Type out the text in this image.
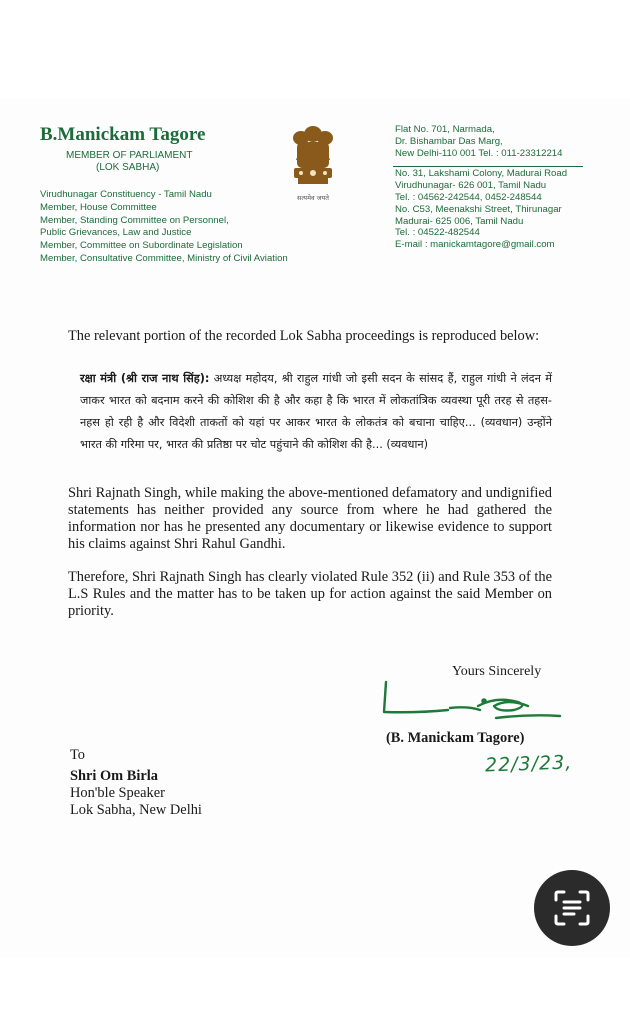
B.Manickam Tagore
MEMBER OF PARLIAMENT
(LOK SABHA)
Virudhunagar Constituency - Tamil Nadu
Member, House Committee
Member, Standing Committee on Personnel,
Public Grievances, Law and Justice
Member, Committee on Subordinate Legislation
Member, Consultative Committee, Ministry of Civil Aviation
सत्यमेव जयते
Flat No. 701, Narmada,
Dr. Bishambar Das Marg,
New Delhi-110 001 Tel. : 011-23312214
No. 31, Lakshami Colony, Madurai Road
Virudhunagar- 626 001, Tamil Nadu
Tel. : 04562-242544, 0452-248544
No. C53, Meenakshi Street, Thirunagar
Madurai- 625 006, Tamil Nadu
Tel. : 04522-482544
E-mail : manickamtagore@gmail.com
The relevant portion of the recorded Lok Sabha proceedings is reproduced below:
रक्षा मंत्री (श्री राज नाथ सिंह): अध्यक्ष महोदय, श्री राहुल गांधी जो इसी सदन के सांसद हैं, राहुल गांधी ने लंदन में जाकर भारत को बदनाम करने की कोशिश की है और कहा है कि भारत में लोकतांत्रिक व्यवस्था पूरी तरह से तहस-नहस हो रही है और विदेशी ताकतों को यहां पर आकर भारत के लोकतंत्र को बचाना चाहिए... (व्यवधान) उन्होंने भारत की गरिमा पर, भारत की प्रतिष्ठा पर चोट पहुंचाने की कोशिश की है... (व्यवधान)
Shri Rajnath Singh, while making the above-mentioned defamatory and undignified statements has neither provided any source from where he had gathered the information nor has he presented any documentary or likewise evidence to support his claims against Shri Rahul Gandhi.
Therefore, Shri Rajnath Singh has clearly violated Rule 352 (ii) and Rule 353 of the L.S Rules and the matter has to be taken up for action against the said Member on priority.
Yours Sincerely
(B. Manickam Tagore)
22/3/23,
To
Shri Om Birla
Hon'ble Speaker
Lok Sabha, New Delhi
